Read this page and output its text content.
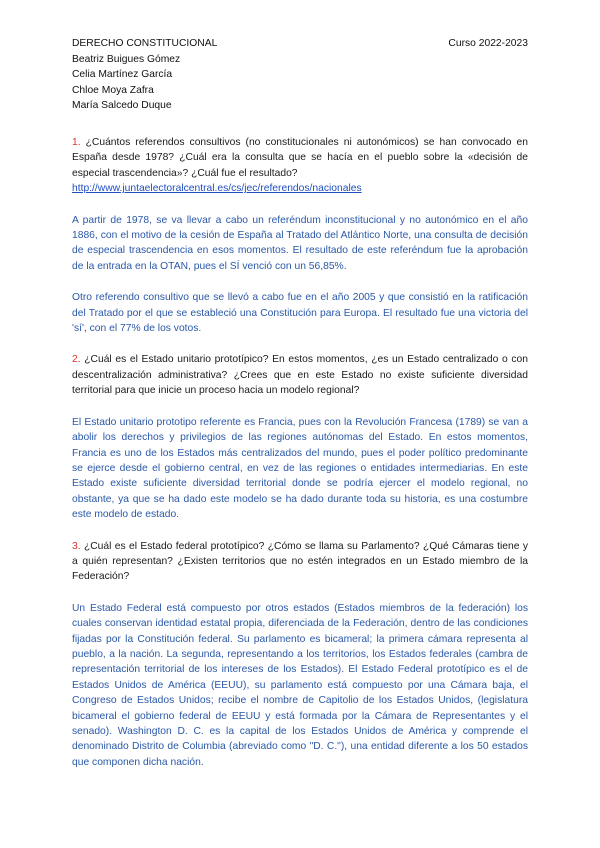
DERECHO CONSTITUCIONAL	Curso 2022-2023
Beatriz Buigues Gómez
Celia Martínez García
Chloe Moya Zafra
María Salcedo Duque
1. ¿Cuántos referendos consultivos (no constitucionales ni autonómicos) se han convocado en España desde 1978? ¿Cuál era la consulta que se hacía en el pueblo sobre la «decisión de especial trascendencia»? ¿Cuál fue el resultado?
http://www.juntaelectoralcentral.es/cs/jec/referendos/nacionales

A partir de 1978, se va llevar a cabo un referéndum inconstitucional y no autonómico en el año 1886, con el motivo de la cesión de España al Tratado del Atlántico Norte, una consulta de decisión de especial trascendencia en esos momentos. El resultado de este referéndum fue la aprobación de la entrada en la OTAN, pues el SÍ venció con un 56,85%.

Otro referendo consultivo que se llevó a cabo fue en el año 2005 y que consistió en la ratificación del Tratado por el que se estableció una Constitución para Europa. El resultado fue una victoria del 'sí', con el 77% de los votos.

2. ¿Cuál es el Estado unitario prototípico? En estos momentos, ¿es un Estado centralizado o con descentralización administrativa? ¿Crees que en este Estado no existe suficiente diversidad territorial para que inicie un proceso hacia un modelo regional?

El Estado unitario prototipo referente es Francia, pues con la Revolución Francesa (1789) se van a abolir los derechos y privilegios de las regiones autónomas del Estado. En estos momentos, Francia es uno de los Estados más centralizados del mundo, pues el poder político predominante se ejerce desde el gobierno central, en vez de las regiones o entidades intermediarias. En este Estado existe suficiente diversidad territorial donde se podría ejercer el modelo regional, no obstante, ya que se ha dado este modelo se ha dado durante toda su historia, es una costumbre este modelo de estado.

3. ¿Cuál es el Estado federal prototípico? ¿Cómo se llama su Parlamento? ¿Qué Cámaras tiene y a quién representan? ¿Existen territorios que no estén integrados en un Estado miembro de la Federación?

Un Estado Federal está compuesto por otros estados (Estados miembros de la federación) los cuales conservan identidad estatal propia, diferenciada de la Federación, dentro de las condiciones fijadas por la Constitución federal. Su parlamento es bicameral; la primera cámara representa al pueblo, a la nación. La segunda, representando a los territorios, los Estados federales (cambra de representación territorial de los intereses de los Estados). El Estado Federal prototípico es el de Estados Unidos de América (EEUU), su parlamento está compuesto por una Cámara baja, el Congreso de Estados Unidos; recibe el nombre de Capitolio de los Estados Unidos, (legislatura bicameral el gobierno federal de EEUU y está formada por la Cámara de Representantes y el senado). Washington D. C. es la capital de los Estados Unidos de América y comprende el denominado Distrito de Columbia (abreviado como "D. C."), una entidad diferente a los 50 estados que componen dicha nación.
